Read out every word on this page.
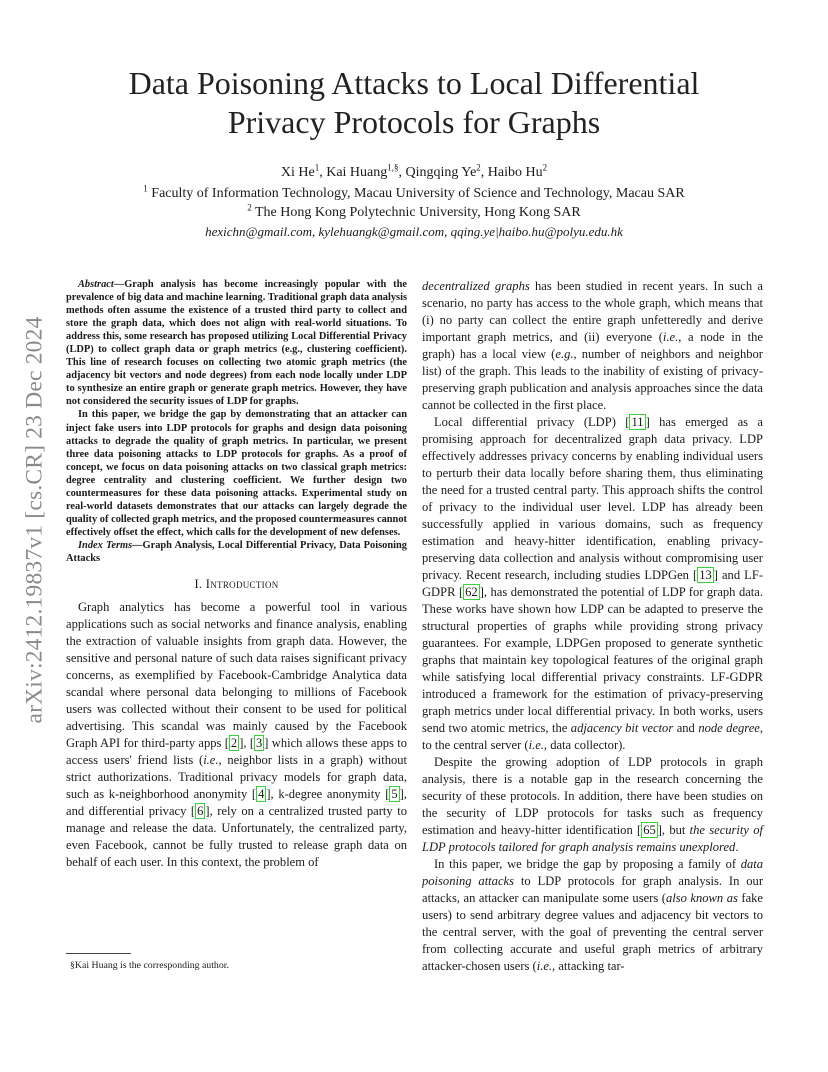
arXiv:2412.19837v1 [cs.CR] 23 Dec 2024
Data Poisoning Attacks to Local Differential
Privacy Protocols for Graphs
Xi He$^1$, Kai Huang$^{1,\S}$, Qingqing Ye$^2$, Haibo Hu$^2$
$^1$ Faculty of Information Technology, Macau University of Science and Technology, Macau SAR
$^2$ The Hong Kong Polytechnic University, Hong Kong SAR
hexichn@gmail.com, kylehuangk@gmail.com, qqing.ye|haibo.hu@polyu.edu.hk

Abstract—Graph analysis has become increasingly popular with the prevalence of big data and machine learning. Traditional graph data analysis methods often assume the existence of a trusted third party to collect and store the graph data, which does not align with real-world situations. To address this, some research has proposed utilizing Local Differential Privacy (LDP) to collect graph data or graph metrics (e.g., clustering coefficient). This line of research focuses on collecting two atomic graph metrics (the adjacency bit vectors and node degrees) from each node locally under LDP to synthesize an entire graph or generate graph metrics. However, they have not considered the security issues of LDP for graphs.

In this paper, we bridge the gap by demonstrating that an attacker can inject fake users into LDP protocols for graphs and design data poisoning attacks to degrade the quality of graph metrics. In particular, we present three data poisoning attacks to LDP protocols for graphs. As a proof of concept, we focus on data poisoning attacks on two classical graph metrics: degree centrality and clustering coefficient. We further design two countermeasures for these data poisoning attacks. Experimental study on real-world datasets demonstrates that our attacks can largely degrade the quality of collected graph metrics, and the proposed countermeasures cannot effectively offset the effect, which calls for the development of new defenses.

Index Terms—Graph Analysis, Local Differential Privacy, Data Poisoning Attacks

I. Introduction

Graph analytics has become a powerful tool in various applications such as social networks and finance analysis, enabling the extraction of valuable insights from graph data. However, the sensitive and personal nature of such data raises significant privacy concerns, as exemplified by Facebook-Cambridge Analytica data scandal where personal data belonging to millions of Facebook users was collected without their consent to be used for political advertising. This scandal was mainly caused by the Facebook Graph API for third-party apps [ 2 ], [ 3 ] which allows these apps to access users' friend lists (i.e., neighbor lists in a graph) without strict authorizations. Traditional privacy models for graph data, such as k-neighborhood anonymity [ 4 ], k-degree anonymity [ 5 ], and differential privacy [ 6 ], rely on a centralized trusted party to manage and release the data. Unfortunately, the centralized party, even Facebook, cannot be fully trusted to release graph data on behalf of each user. In this context, the problem of

decentralized graphs has been studied in recent years. In such a scenario, no party has access to the whole graph, which means that (i) no party can collect the entire graph unfetteredly and derive important graph metrics, and (ii) everyone (i.e., a node in the graph) has a local view (e.g., number of neighbors and neighbor list) of the graph. This leads to the inability of existing of privacy-preserving graph publication and analysis approaches since the data cannot be collected in the first place.

Local differential privacy (LDP) [ 11 ] has emerged as a promising approach for decentralized graph data privacy. LDP effectively addresses privacy concerns by enabling individual users to perturb their data locally before sharing them, thus eliminating the need for a trusted central party. This approach shifts the control of privacy to the individual user level. LDP has already been successfully applied in various domains, such as frequency estimation and heavy-hitter identification, enabling privacy-preserving data collection and analysis without compromising user privacy. Recent research, including studies LDPGen [ 13 ] and LF-GDPR [ 62 ], has demonstrated the potential of LDP for graph data. These works have shown how LDP can be adapted to preserve the structural properties of graphs while providing strong privacy guarantees. For example, LDPGen proposed to generate synthetic graphs that maintain key topological features of the original graph while satisfying local differential privacy constraints. LF-GDPR introduced a framework for the estimation of privacy-preserving graph metrics under local differential privacy. In both works, users send two atomic metrics, the adjacency bit vector and node degree, to the central server (i.e., data collector).

Despite the growing adoption of LDP protocols in graph analysis, there is a notable gap in the research concerning the security of these protocols. In addition, there have been studies on the security of LDP protocols for tasks such as frequency estimation and heavy-hitter identification [ 65 ], but the security of LDP protocols tailored for graph analysis remains unexplored.

In this paper, we bridge the gap by proposing a family of data poisoning attacks to LDP protocols for graph analysis. In our attacks, an attacker can manipulate some users (also known as fake users) to send arbitrary degree values and adjacency bit vectors to the central server, with the goal of preventing the central server from collecting accurate and useful graph metrics of arbitrary attacker-chosen users (i.e., attacking tar-

§Kai Huang is the corresponding author.
